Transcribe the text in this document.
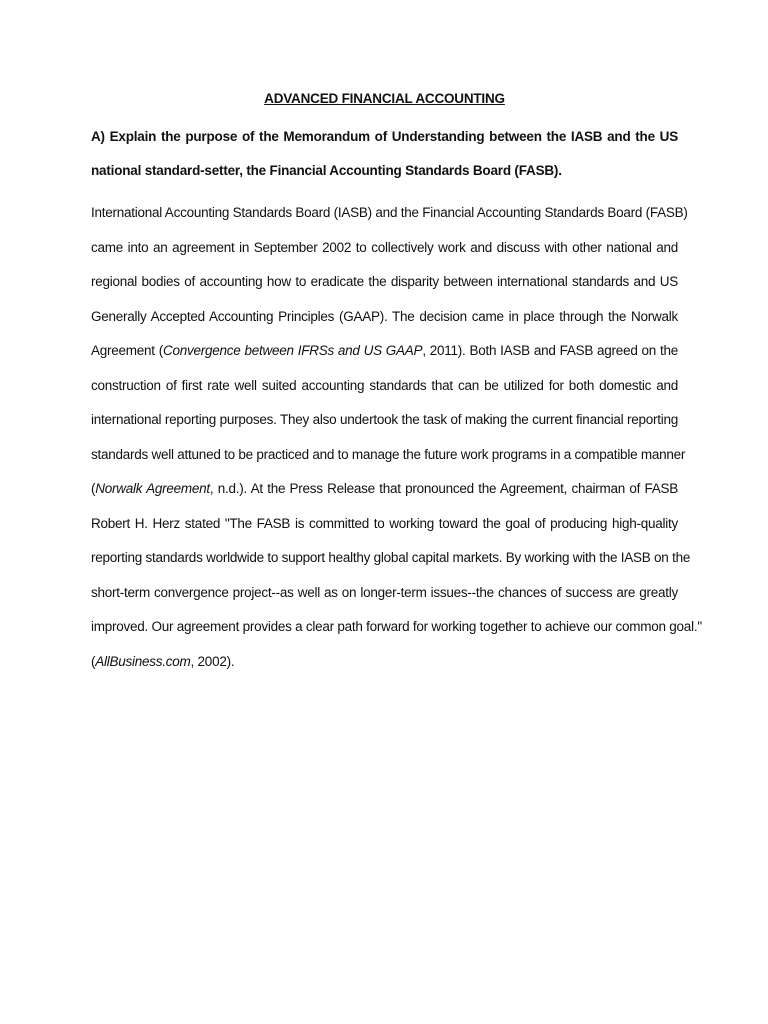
ADVANCED FINANCIAL ACCOUNTING
A) Explain the purpose of the Memorandum of Understanding between the IASB and the US
national standard-setter, the Financial Accounting Standards Board (FASB).
International Accounting Standards Board (IASB) and the Financial Accounting Standards Board (FASB)
came into an agreement in September 2002 to collectively work and discuss with other national and
regional bodies of accounting how to eradicate the disparity between international standards and US
Generally Accepted Accounting Principles (GAAP). The decision came in place through the Norwalk
Agreement (Convergence between IFRSs and US GAAP, 2011). Both IASB and FASB agreed on the
construction of first rate well suited accounting standards that can be utilized for both domestic and
international reporting purposes. They also undertook the task of making the current financial reporting
standards well attuned to be practiced and to manage the future work programs in a compatible manner
(Norwalk Agreement, n.d.). At the Press Release that pronounced the Agreement, chairman of FASB
Robert H. Herz stated "The FASB is committed to working toward the goal of producing high-quality
reporting standards worldwide to support healthy global capital markets. By working with the IASB on the
short-term convergence project--as well as on longer-term issues--the chances of success are greatly
improved. Our agreement provides a clear path forward for working together to achieve our common goal."
(AllBusiness.com, 2002).
